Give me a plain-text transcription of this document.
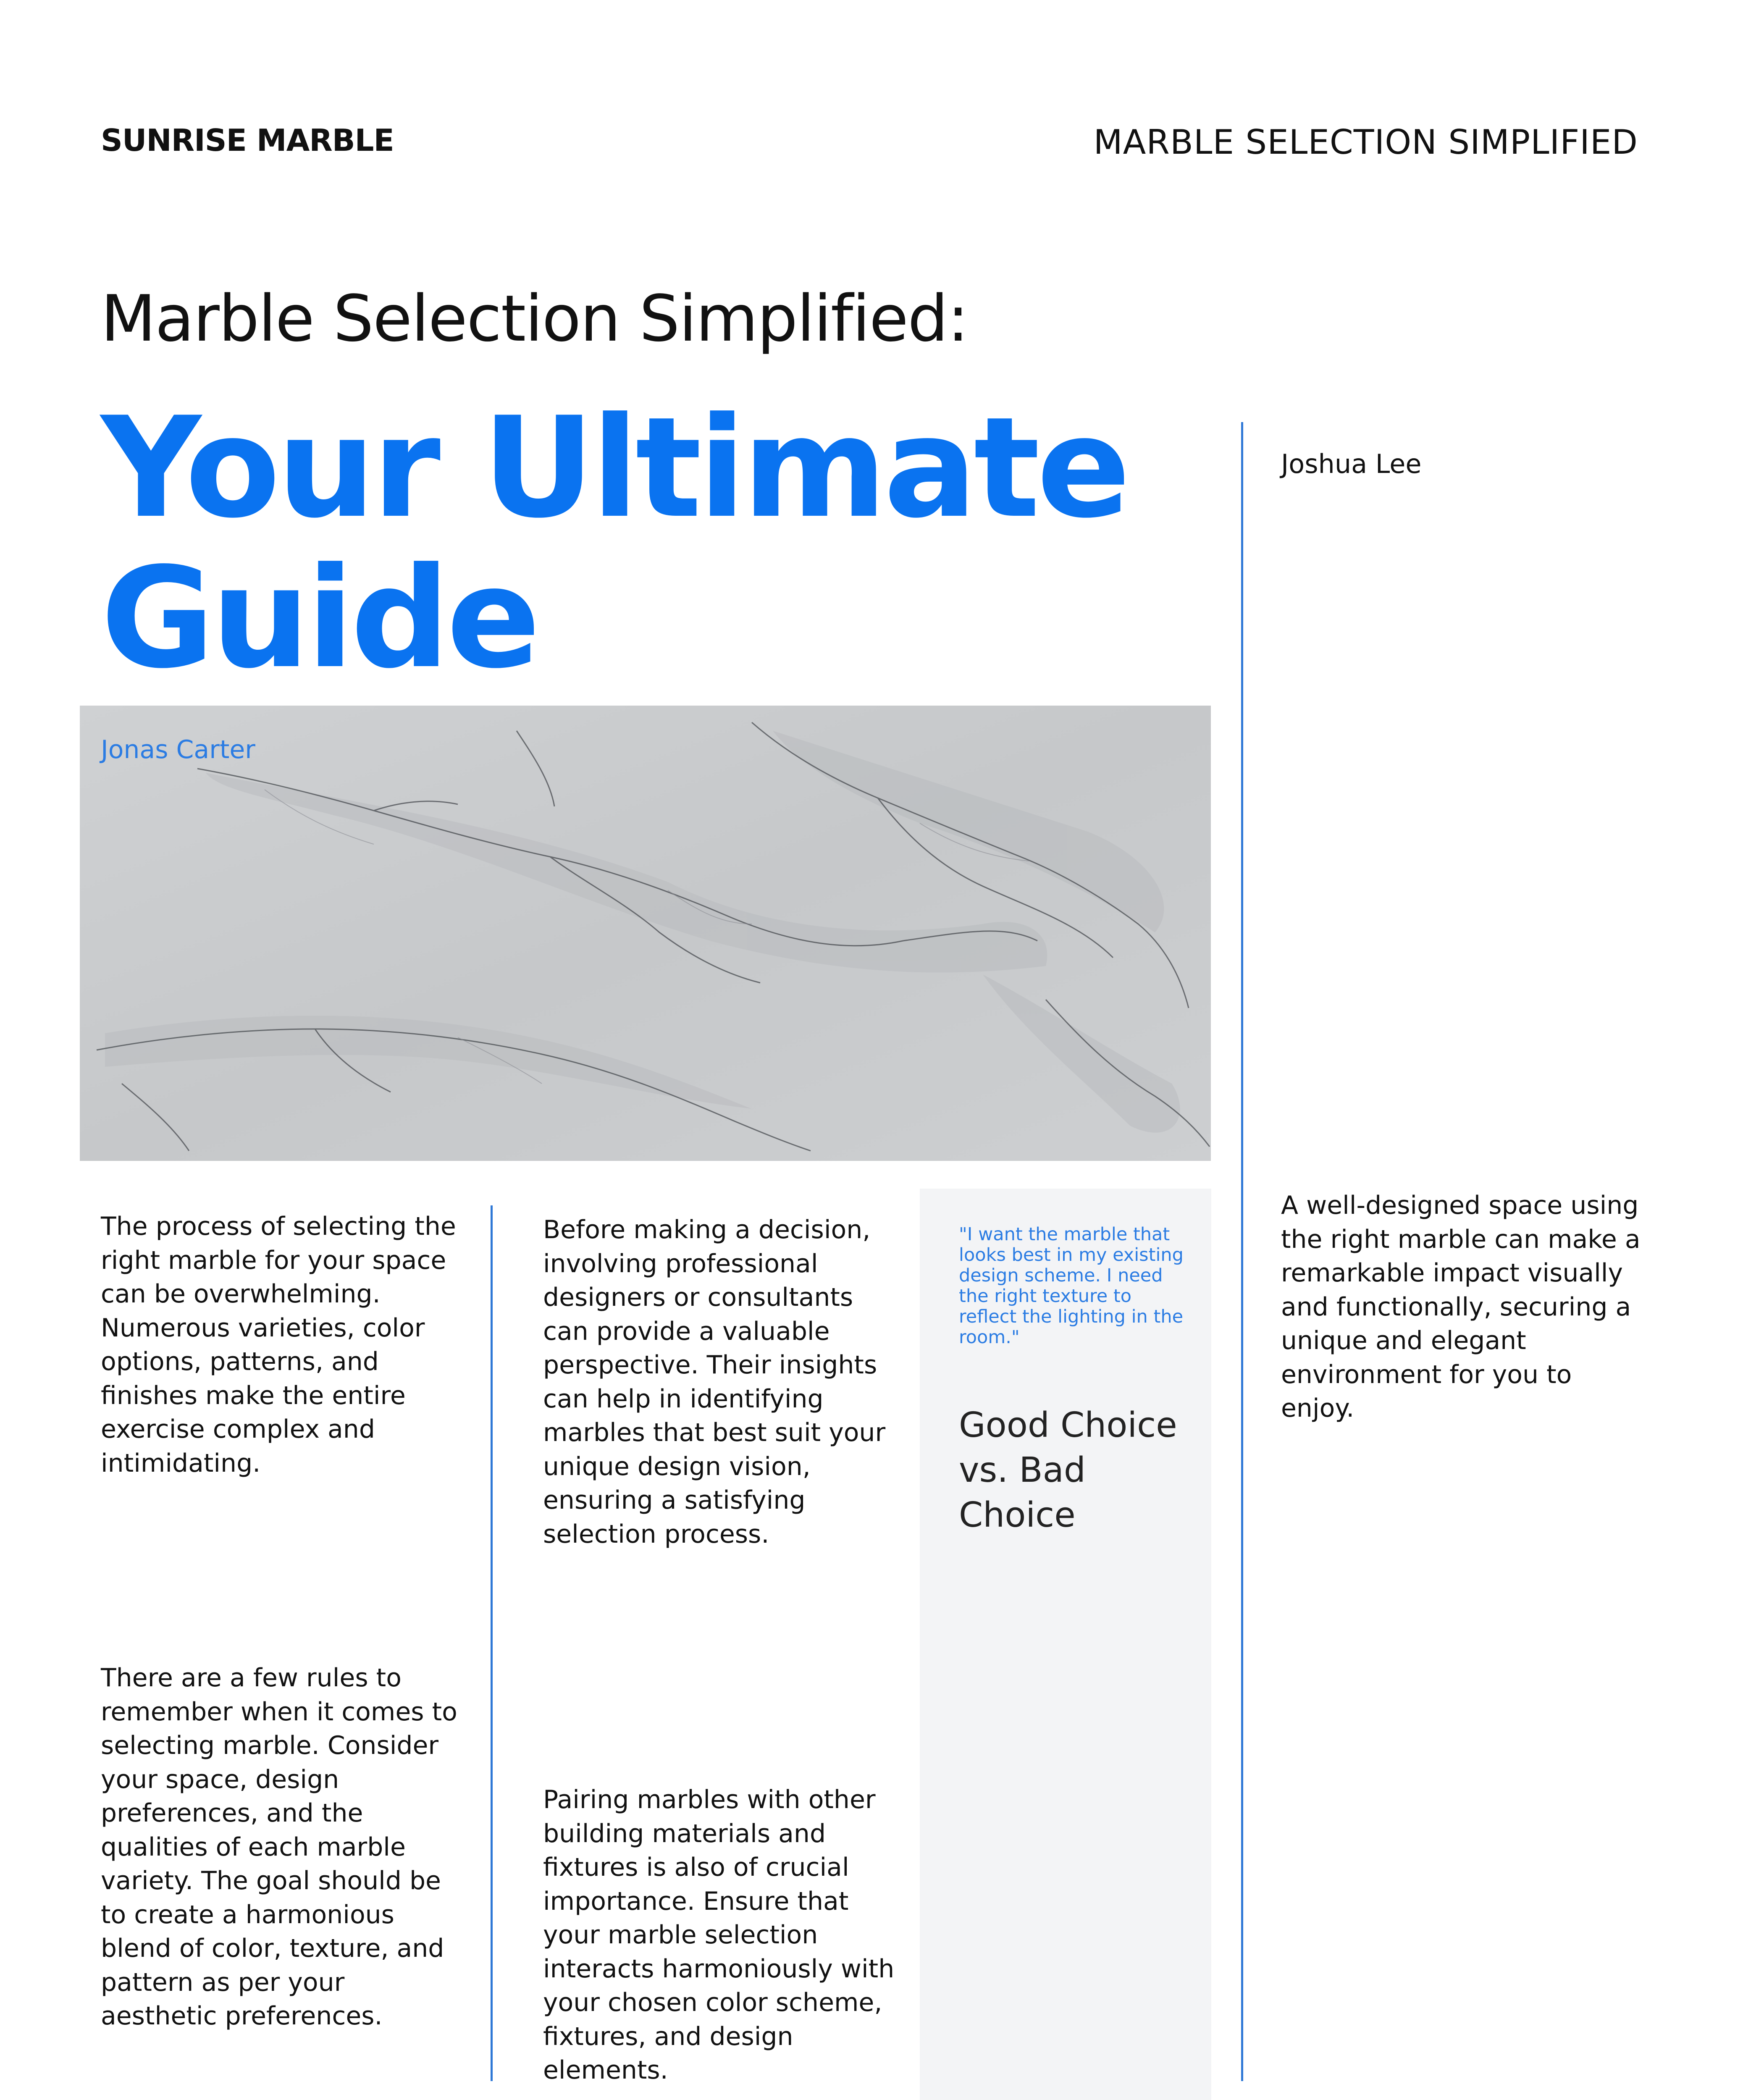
SUNRISE MARBLE	MARBLE SELECTION SIMPLIFIED
Marble Selection Simplified:
Your Ultimate Guide
Jonas Carter
Joshua Lee
The process of selecting the right marble for your space can be overwhelming. Numerous varieties, color options, patterns, and finishes make the entire exercise complex and intimidating.
There are a few rules to remember when it comes to selecting marble. Consider your space, design preferences, and the qualities of each marble variety. The goal should be to create a harmonious blend of color, texture, and pattern as per your aesthetic preferences.
Before making a decision, involving professional designers or consultants can provide a valuable perspective. Their insights can help in identifying marbles that best suit your unique design vision, ensuring a satisfying selection process.
Pairing marbles with other building materials and fixtures is also of crucial importance. Ensure that your marble selection interacts harmoniously with your chosen color scheme, fixtures, and design elements.
"I want the marble that looks best in my existing design scheme. I need the right texture to reflect the lighting in the room."
Good Choice vs. Bad Choice
A well-designed space using the right marble can make a remarkable impact visually and functionally, securing a unique and elegant environment for you to enjoy.
